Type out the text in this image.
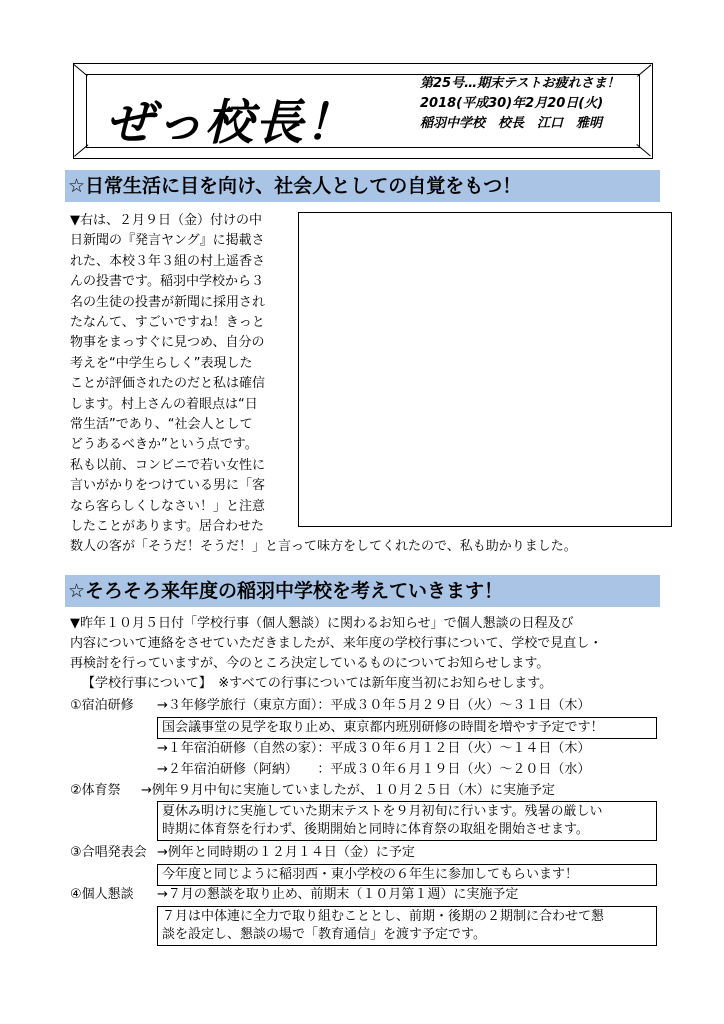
ぜっ校長！
第25号…期末テストお疲れさま！
2018(平成30)年2月20日(火)
稲羽中学校　校長　江口　雅明
☆日常生活に目を向け、社会人としての自覚をもつ！
▼右は、２月９日（金）付けの中
日新聞の『発言ヤング』に掲載さ
れた、本校３年３組の村上遥香さ
んの投書です。稲羽中学校から３
名の生徒の投書が新聞に採用され
たなんて、すごいですね！きっと
物事をまっすぐに見つめ、自分の
考えを“中学生らしく”表現した
ことが評価されたのだと私は確信
します。村上さんの着眼点は“日
常生活”であり、“社会人として
どうあるべきか”という点です。
私も以前、コンビニで若い女性に
言いがかりをつけている男に「客
なら客らしくしなさい！」と注意
したことがあります。居合わせた
数人の客が「そうだ！そうだ！」と言って味方をしてくれたので、私も助かりました。
☆そろそろ来年度の稲羽中学校を考えていきます！
▼昨年１０月５日付「学校行事（個人懇談）に関わるお知らせ」で個人懇談の日程及び
内容について連絡をさせていただきましたが、来年度の学校行事について、学校で見直し・
再検討を行っていますが、今のところ決定しているものについてお知らせします。
【学校行事について】　※すべての行事については新年度当初にお知らせします。
①宿泊研修 →３年修学旅行（東京方面）：平成３０年５月２９日（火）～３１日（木）
国会議事堂の見学を取り止め、東京都内班別研修の時間を増やす予定です！
→１年宿泊研修（自然の家）：平成３０年６月１２日（火）～１４日（木）
→２年宿泊研修（阿納）　　：平成３０年６月１９日（火）～２０日（水）
②体育祭 →例年９月中旬に実施していましたが、１０月２５日（木）に実施予定
夏休み明けに実施していた期末テストを９月初旬に行います。残暑の厳しい
時期に体育祭を行わず、後期開始と同時に体育祭の取組を開始させます。
③合唱発表会 →例年と同時期の１２月１４日（金）に予定
今年度と同じように稲羽西・東小学校の６年生に参加してもらいます！
④個人懇談 →７月の懇談を取り止め、前期末（１０月第１週）に実施予定
７月は中体連に全力で取り組むこととし、前期・後期の２期制に合わせて懇
談を設定し、懇談の場で「教育通信」を渡す予定です。
